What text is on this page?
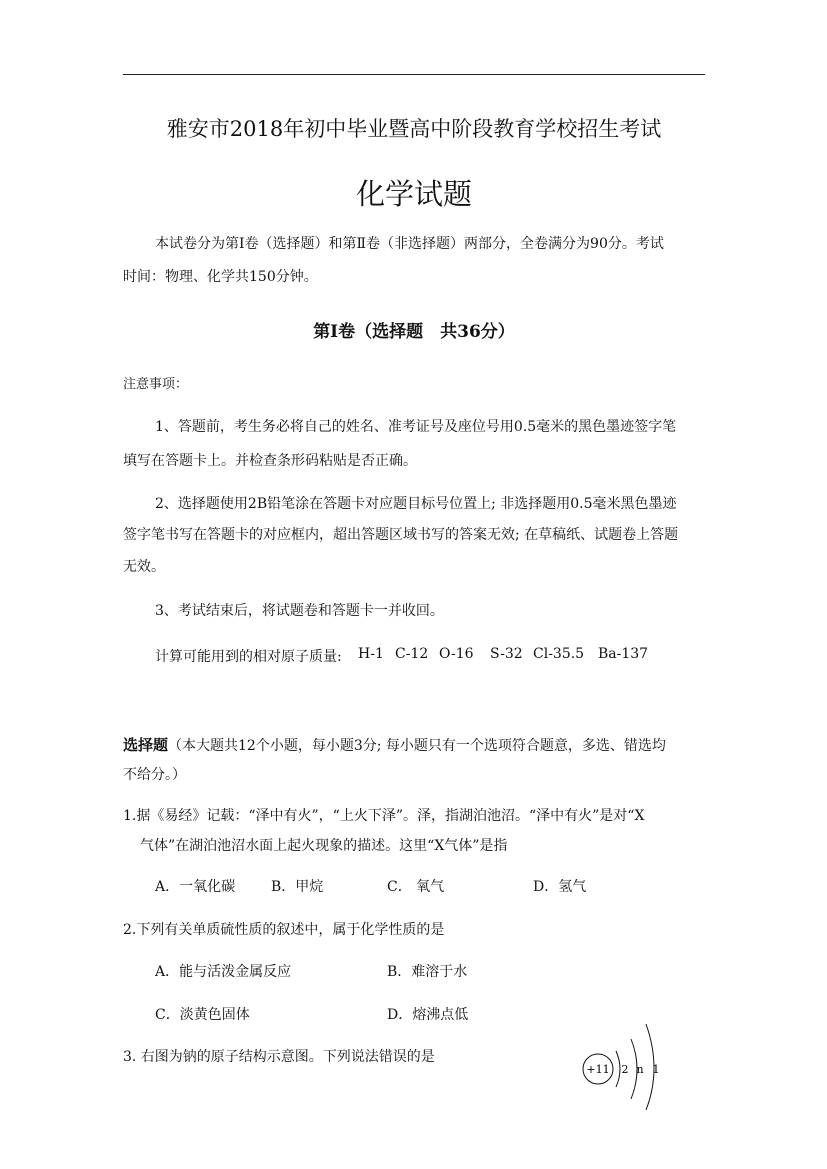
雅安市2018年初中毕业暨高中阶段教育学校招生考试
化学试题
本试卷分为第Ⅰ卷（选择题）和第Ⅱ卷（非选择题）两部分，全卷满分为90分。考试
时间：物理、化学共150分钟。
第Ⅰ卷（选择题　共36分）
注意事项：
1、答题前，考生务必将自己的姓名、准考证号及座位号用0.5毫米的黑色墨迹签字笔
填写在答题卡上。并检查条形码粘贴是否正确。
2、选择题使用2B铅笔涂在答题卡对应题目标号位置上; 非选择题用0.5毫米黑色墨迹
签字笔书写在答题卡的对应框内，超出答题区域书写的答案无效; 在草稿纸、试题卷上答题
无效。
3、考试结束后，将试题卷和答题卡一并收回。
计算可能用到的相对原子质量: H-1 C-12 O-16 S-32 Cl-35.5 Ba-137
选择题（本大题共12个小题，每小题3分; 每小题只有一个选项符合题意，多选、错选均
不给分。）
1.据《易经》记载：“泽中有火”，“上火下泽”。泽，指湖泊池沼。“泽中有火”是对“X
气体”在湖泊池沼水面上起火现象的描述。这里“X气体”是指
A．一氧化碳	B．甲烷	C． 氧气	D．氢气
2.下列有关单质硫性质的叙述中，属于化学性质的是
A．能与活泼金属反应	B．难溶于水
C．淡黄色固体	D．熔沸点低
3. 右图为钠的原子结构示意图。下列说法错误的是
+11 2 n 1
